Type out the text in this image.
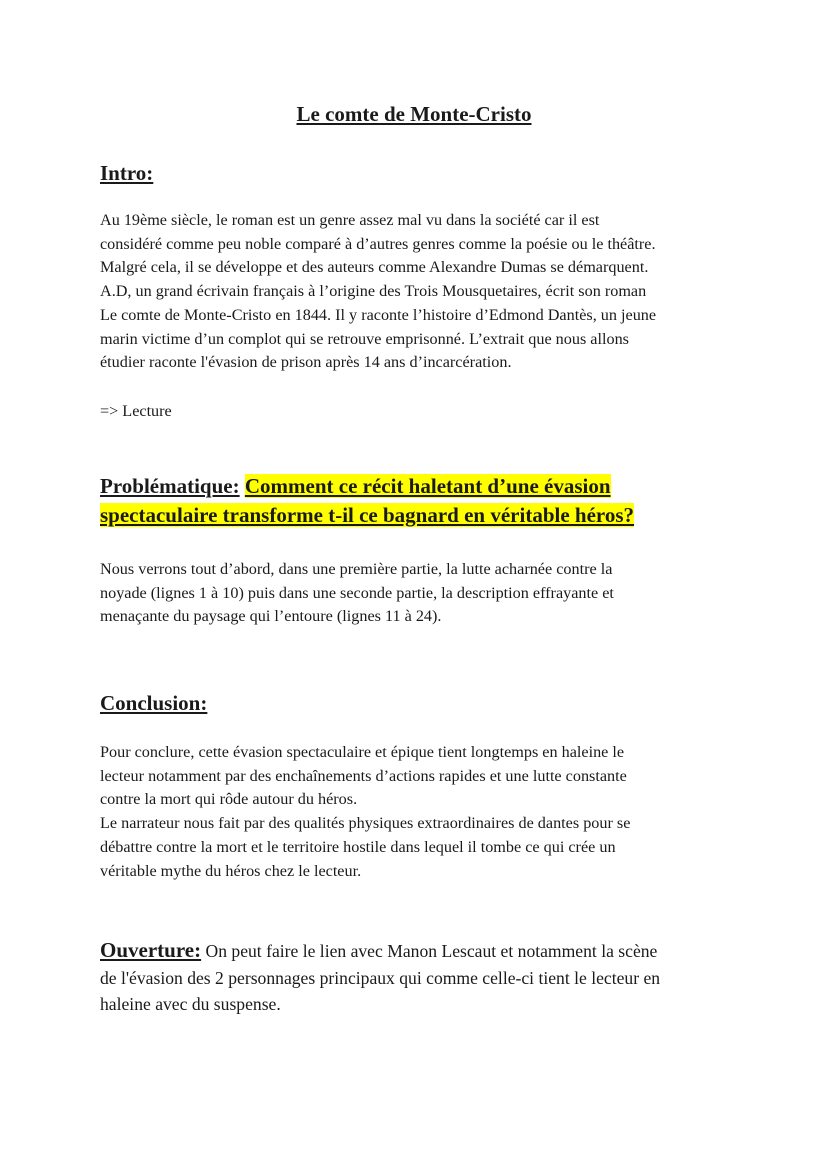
Le comte de Monte-Cristo
Intro:

Au 19ème siècle, le roman est un genre assez mal vu dans la société car il est

considéré comme peu noble comparé à d’autres genres comme la poésie ou le théâtre.

Malgré cela, il se développe et des auteurs comme Alexandre Dumas se démarquent.

A.D, un grand écrivain français à l’origine des Trois Mousquetaires, écrit son roman

Le comte de Monte-Cristo en 1844. Il y raconte l’histoire d’Edmond Dantès, un jeune

marin victime d’un complot qui se retrouve emprisonné. L’extrait que nous allons

étudier raconte l'évasion de prison après 14 ans d’incarcération.

=> Lecture

Problématique: Comment ce récit haletant d’une évasion
spectaculaire transforme t-il ce bagnard en véritable héros?

Nous verrons tout d’abord, dans une première partie, la lutte acharnée contre la

noyade (lignes 1 à 10) puis dans une seconde partie, la description effrayante et

menaçante du paysage qui l’entoure (lignes 11 à 24).

Conclusion:

Pour conclure, cette évasion spectaculaire et épique tient longtemps en haleine le

lecteur notamment par des enchaînements d’actions rapides et une lutte constante

contre la mort qui rôde autour du héros.

Le narrateur nous fait par des qualités physiques extraordinaires de dantes pour se

débattre contre la mort et le territoire hostile dans lequel il tombe ce qui crée un

véritable mythe du héros chez le lecteur.

Ouverture: On peut faire le lien avec Manon Lescaut et notamment la scène
de l'évasion des 2 personnages principaux qui comme celle-ci tient le lecteur en
haleine avec du suspense.
